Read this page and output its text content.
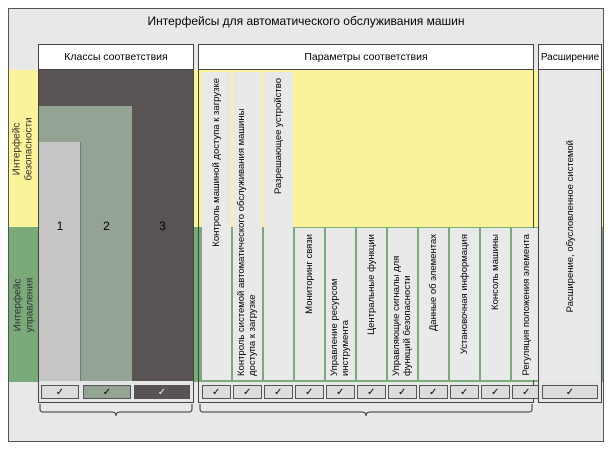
Интерфейсы для автоматического обслуживания машин
Интерфейс безопасности
Интерфейс управления
Классы соответствия
1	2	3
✓	✓	✓
Параметры соответствия
Контроль машиной доступа к загрузке
✓
Контроль системой автоматического обслуживания машины доступа к загрузке
✓
Разрешающее устройство
✓
Мониторинг связи
✓
Управление ресурсом инструмента
✓
Центральные функции
✓
Управляющие сигналы для функций безопасности
✓
Данные об элементах
✓
Установочная информация
✓
Консоль машины
✓
Регуляция положения элемента
✓
Расширение
Расширение, обусловленное системой
✓
